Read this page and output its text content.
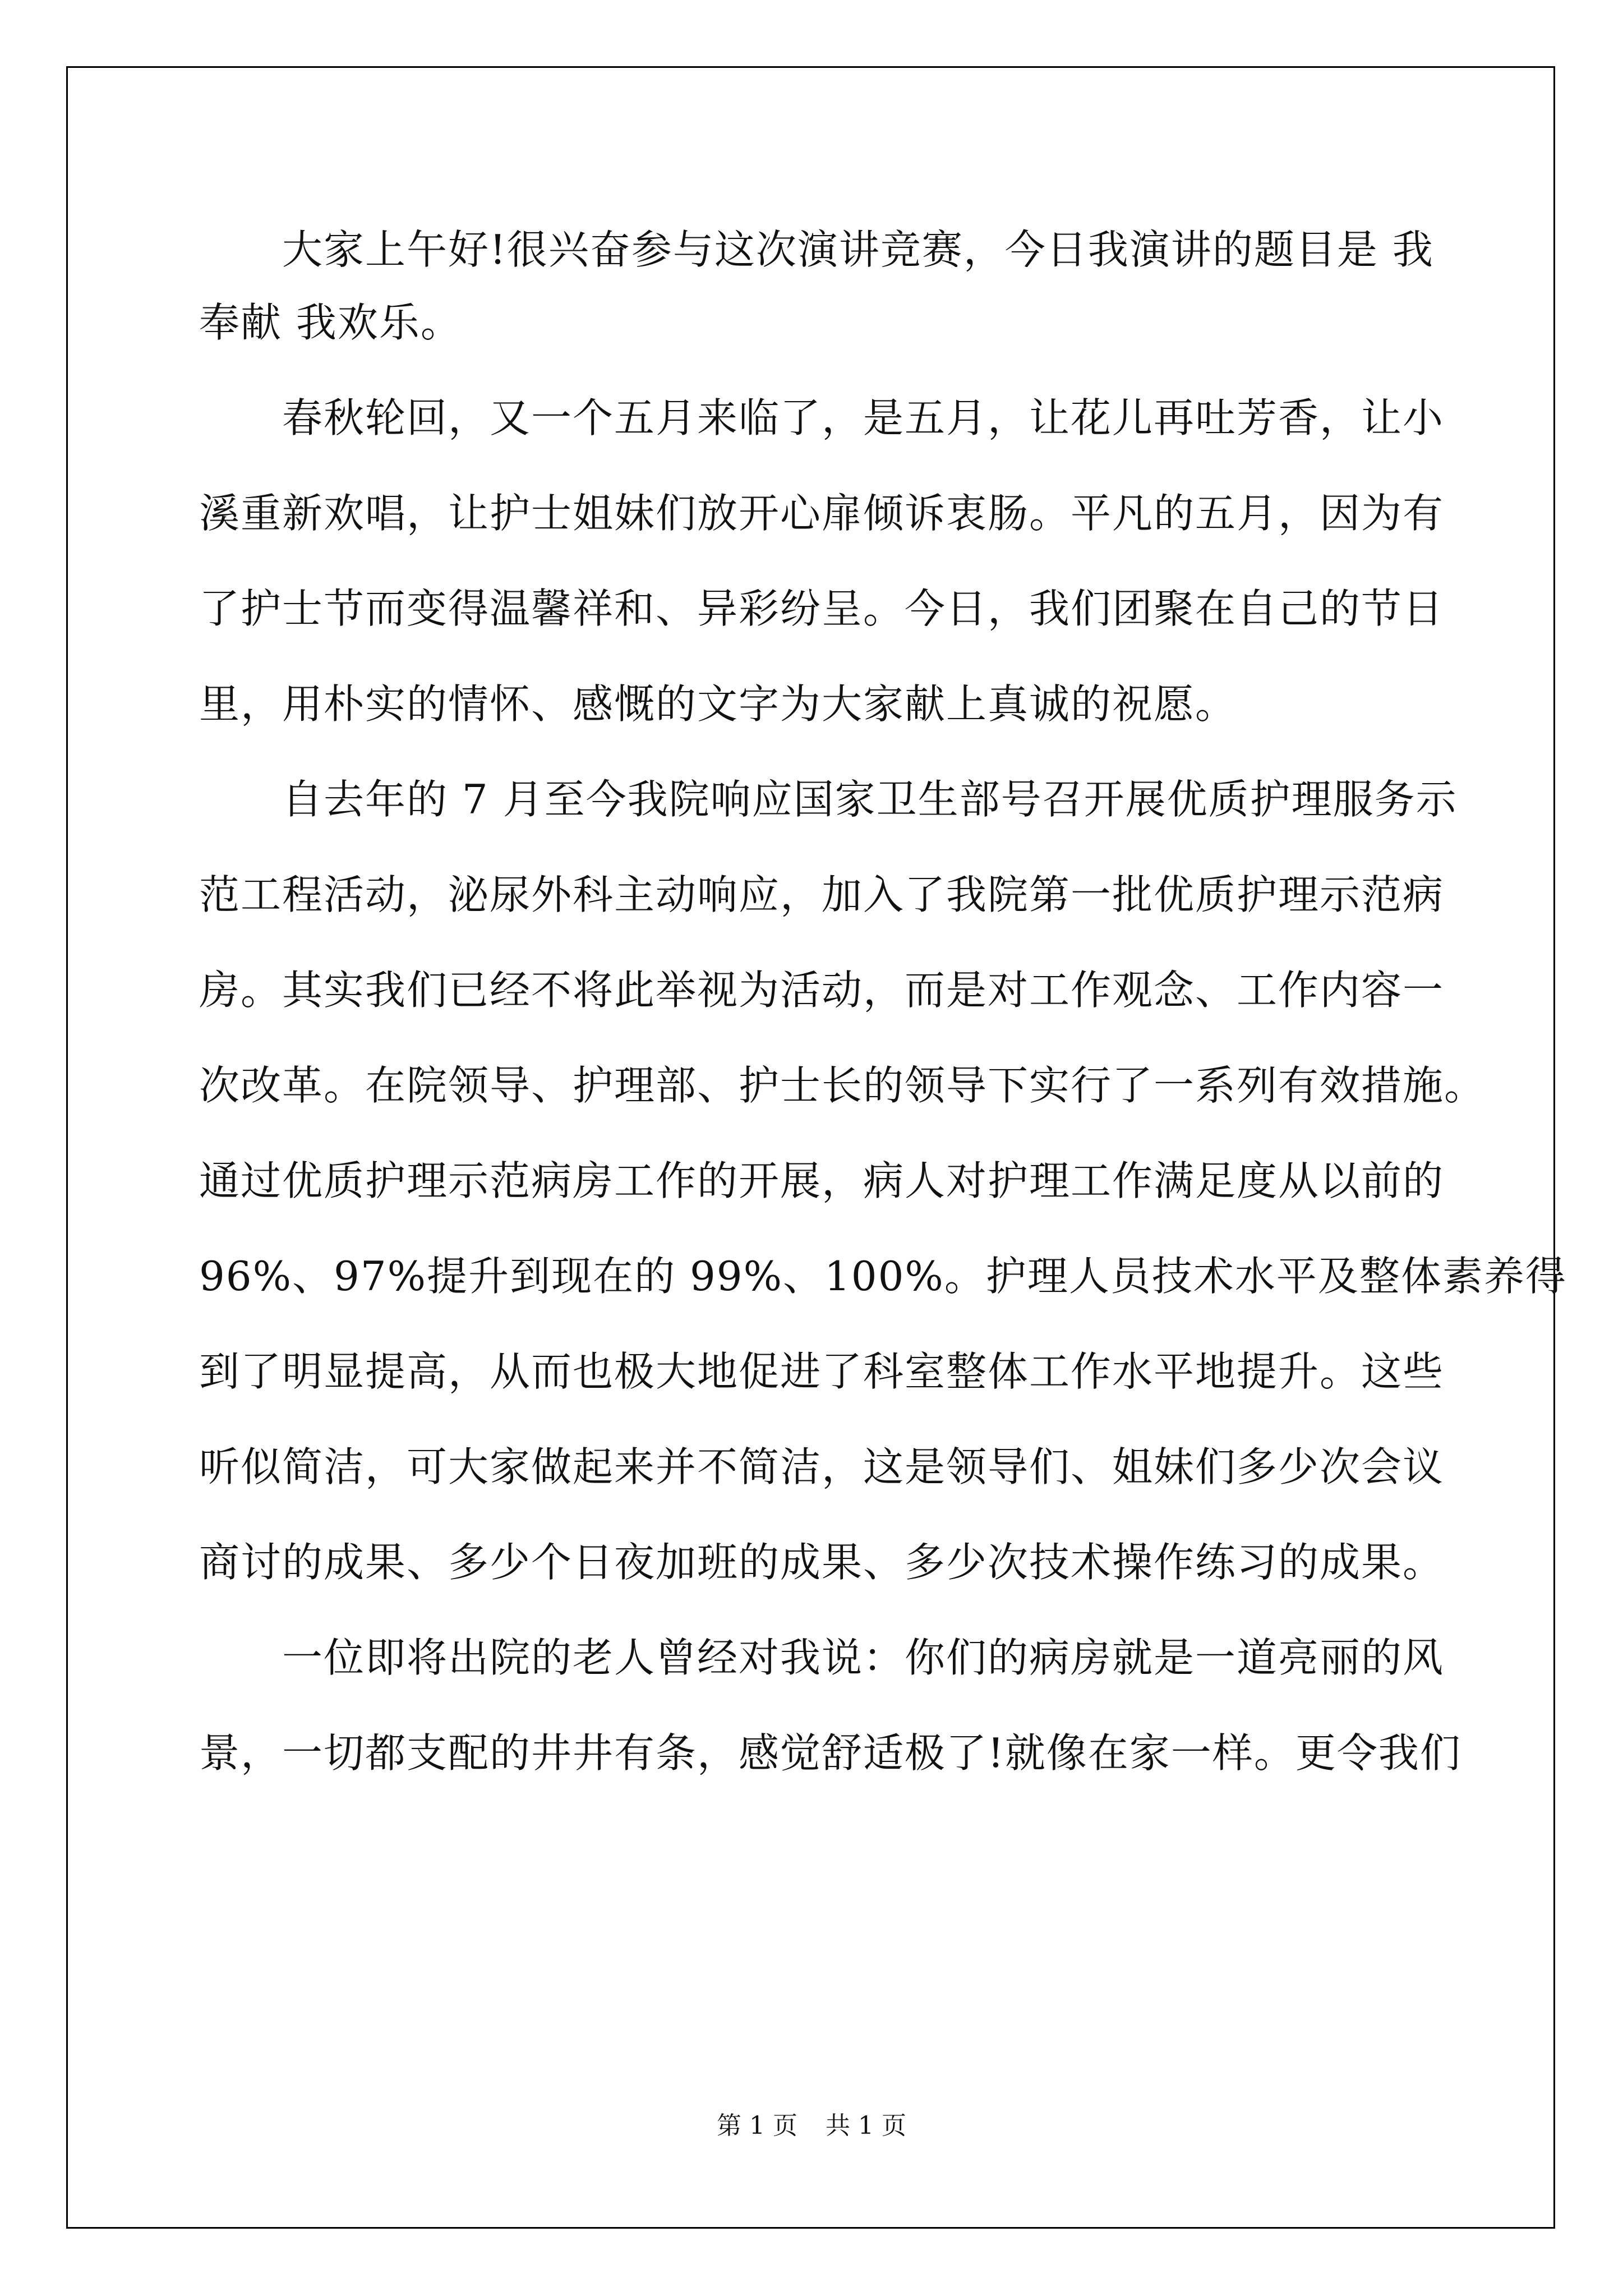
　　大家上午好!很兴奋参与这次演讲竞赛，今日我演讲的题目是 我
奉献 我欢乐。
　　春秋轮回，又一个五月来临了，是五月，让花儿再吐芳香，让小
溪重新欢唱，让护士姐妹们放开心扉倾诉衷肠。平凡的五月，因为有
了护士节而变得温馨祥和、异彩纷呈。今日，我们团聚在自己的节日
里，用朴实的情怀、感慨的文字为大家献上真诚的祝愿。
　　自去年的 7 月至今我院响应国家卫生部号召开展优质护理服务示
范工程活动，泌尿外科主动响应，加入了我院第一批优质护理示范病
房。其实我们已经不将此举视为活动，而是对工作观念、工作内容一
次改革。在院领导、护理部、护士长的领导下实行了一系列有效措施。
通过优质护理示范病房工作的开展，病人对护理工作满足度从以前的
96%、97%提升到现在的 99%、100%。护理人员技术水平及整体素养得
到了明显提高，从而也极大地促进了科室整体工作水平地提升。这些
听似简洁，可大家做起来并不简洁，这是领导们、姐妹们多少次会议
商讨的成果、多少个日夜加班的成果、多少次技术操作练习的成果。
　　一位即将出院的老人曾经对我说：你们的病房就是一道亮丽的风
景，一切都支配的井井有条，感觉舒适极了!就像在家一样。更令我们
第 1 页 共 1 页
